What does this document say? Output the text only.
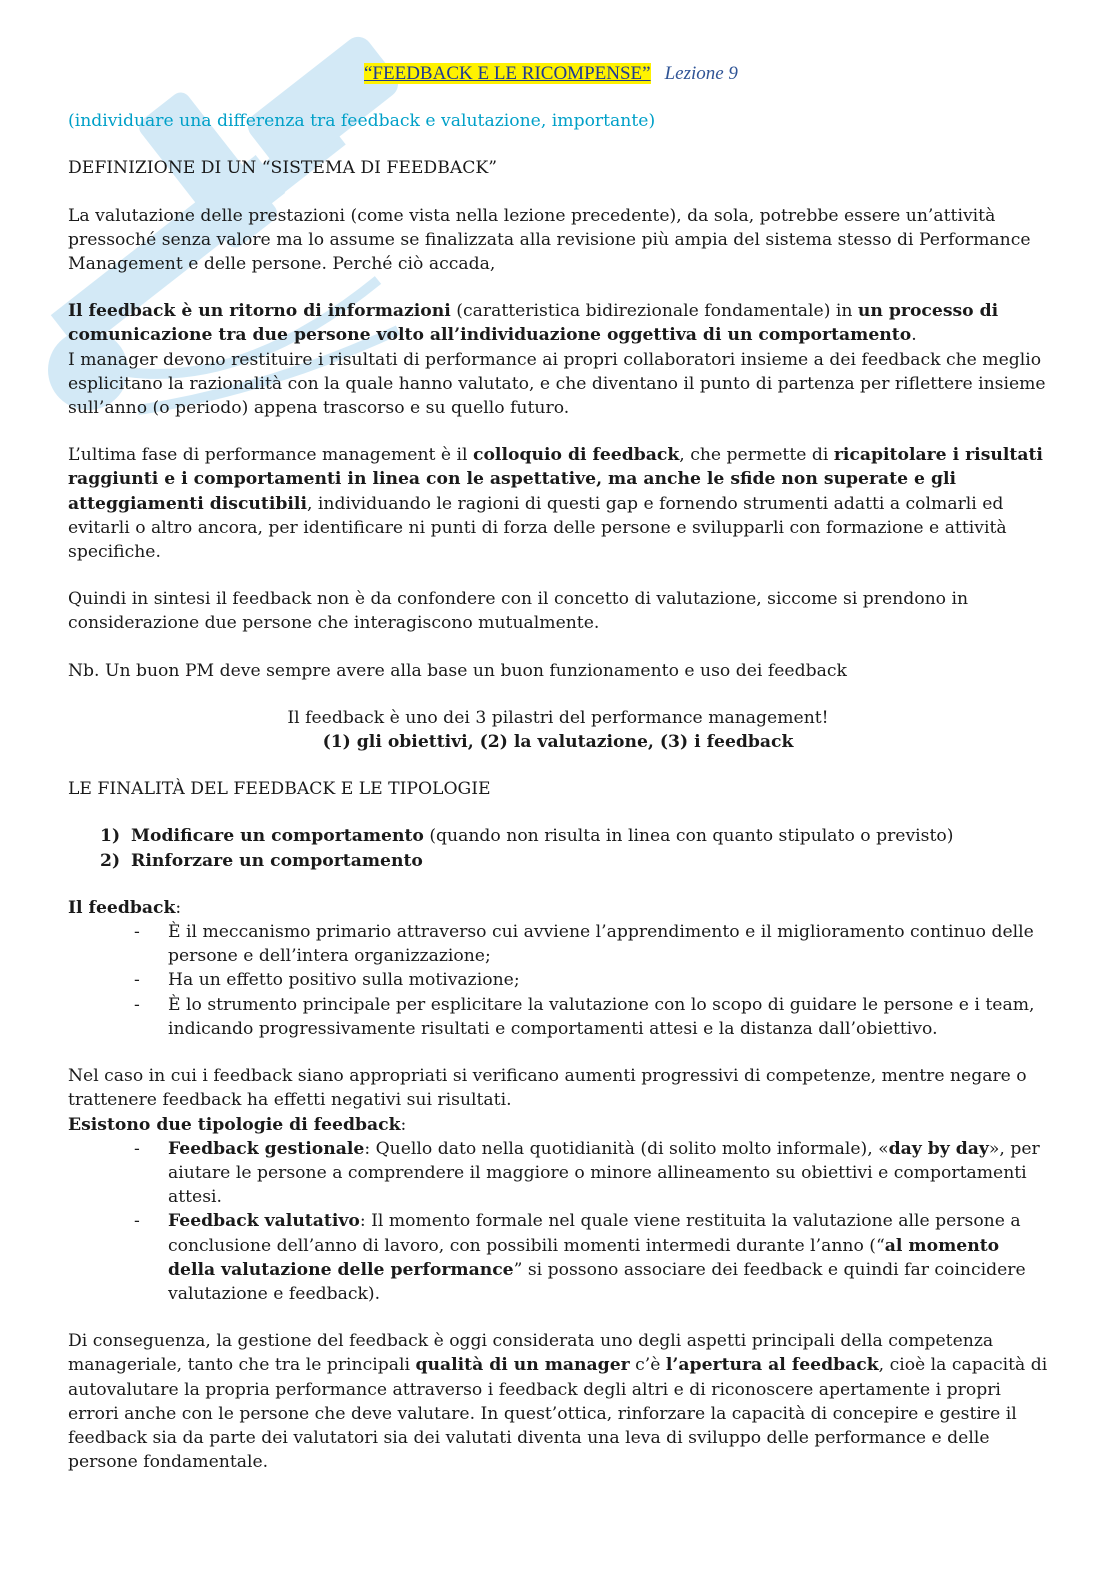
“FEEDBACK E LE RICOMPENSE” Lezione 9

(individuare una differenza tra feedback e valutazione, importante)

DEFINIZIONE DI UN “SISTEMA DI FEEDBACK”

La valutazione delle prestazioni (come vista nella lezione precedente), da sola, potrebbe essere un’attività pressoché senza valore ma lo assume se finalizzata alla revisione più ampia del sistema stesso di Performance Management e delle persone. Perché ciò accada,

Il feedback è un ritorno di informazioni (caratteristica bidirezionale fondamentale) in un processo di comunicazione tra due persone volto all’individuazione oggettiva di un comportamento.

I manager devono restituire i risultati di performance ai propri collaboratori insieme a dei feedback che meglio esplicitano la razionalità con la quale hanno valutato, e che diventano il punto di partenza per riflettere insieme sull’anno (o periodo) appena trascorso e su quello futuro.

L’ultima fase di performance management è il colloquio di feedback, che permette di ricapitolare i risultati raggiunti e i comportamenti in linea con le aspettative, ma anche le sfide non superate e gli atteggiamenti discutibili, individuando le ragioni di questi gap e fornendo strumenti adatti a colmarli ed evitarli o altro ancora, per identificare ni punti di forza delle persone e svilupparli con formazione e attività specifiche.

Quindi in sintesi il feedback non è da confondere con il concetto di valutazione, siccome si prendono in considerazione due persone che interagiscono mutualmente.

Nb. Un buon PM deve sempre avere alla base un buon funzionamento e uso dei feedback

Il feedback è uno dei 3 pilastri del performance management!

(1) gli obiettivi, (2) la valutazione, (3) i feedback

LE FINALITÀ DEL FEEDBACK E LE TIPOLOGIE

1) Modificare un comportamento (quando non risulta in linea con quanto stipulato o previsto)

2) Rinforzare un comportamento

Il feedback:

- È il meccanismo primario attraverso cui avviene l’apprendimento e il miglioramento continuo delle persone e dell’intera organizzazione;
- Ha un effetto positivo sulla motivazione;
- È lo strumento principale per esplicitare la valutazione con lo scopo di guidare le persone e i team, indicando progressivamente risultati e comportamenti attesi e la distanza dall’obiettivo.

Nel caso in cui i feedback siano appropriati si verificano aumenti progressivi di competenze, mentre negare o trattenere feedback ha effetti negativi sui risultati.

Esistono due tipologie di feedback:

- Feedback gestionale: Quello dato nella quotidianità (di solito molto informale), «day by day», per aiutare le persone a comprendere il maggiore o minore allineamento su obiettivi e comportamenti attesi.
- Feedback valutativo: Il momento formale nel quale viene restituita la valutazione alle persone a conclusione dell’anno di lavoro, con possibili momenti intermedi durante l’anno (“al momento della valutazione delle performance” si possono associare dei feedback e quindi far coincidere valutazione e feedback).

Di conseguenza, la gestione del feedback è oggi considerata uno degli aspetti principali della competenza manageriale, tanto che tra le principali qualità di un manager c’è l’apertura al feedback, cioè la capacità di autovalutare la propria performance attraverso i feedback degli altri e di riconoscere apertamente i propri errori anche con le persone che deve valutare. In quest’ottica, rinforzare la capacità di concepire e gestire il feedback sia da parte dei valutatori sia dei valutati diventa una leva di sviluppo delle performance e delle persone fondamentale.
